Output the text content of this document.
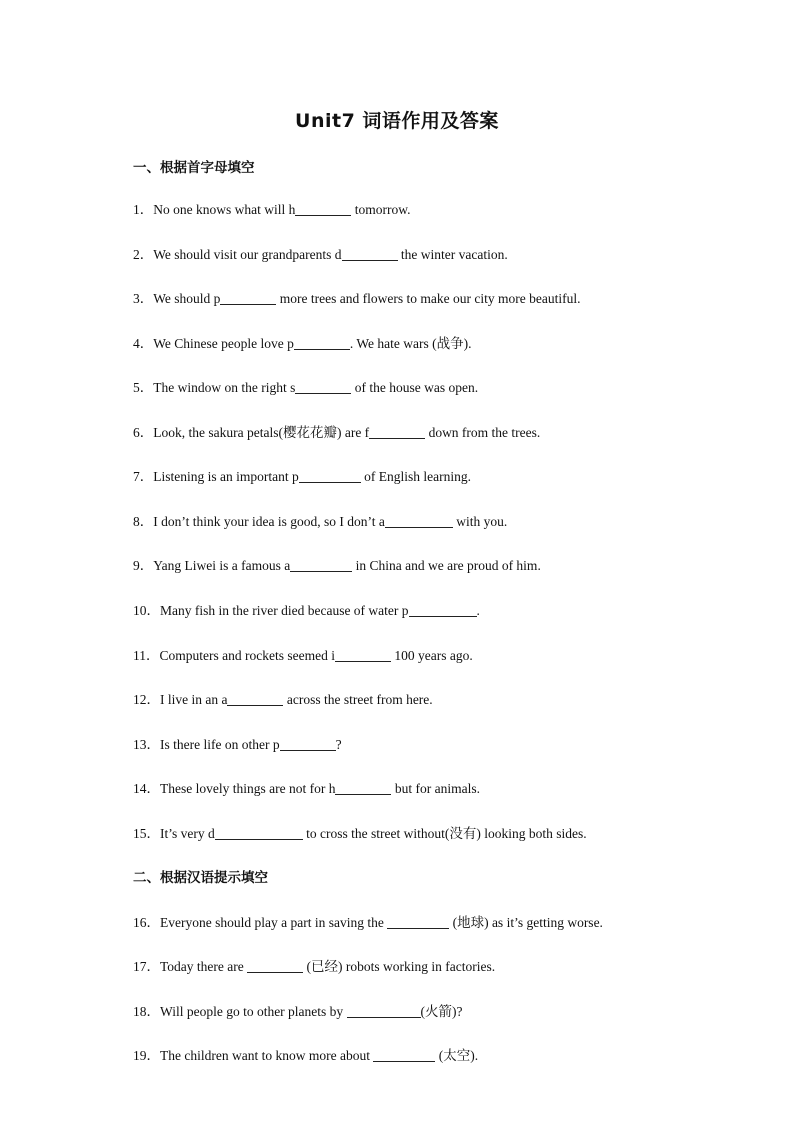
Unit7 词语作用及答案
一、根据首字母填空
1．No one knows what will h	tomorrow.
2．We should visit our grandparents d	the winter vacation.
3．We should p	more trees and flowers to make our city more beautiful.
4．We Chinese people love p	. We hate wars (战争).
5．The window on the right s	of the house was open.
6．Look, the sakura petals(樱花花瓣) are f	down from the trees.
7．Listening is an important p	of English learning.
8．I don’t think your idea is good, so I don’t a	with you.
9．Yang Liwei is a famous a	in China and we are proud of him.
10．Many fish in the river died because of water p	.
11．Computers and rockets seemed i	100 years ago.
12．I live in an a	across the street from here.
13．Is there life on other p	?
14．These lovely things are not for h	but for animals.
15．It’s very d	to cross the street without(没有) looking both sides.
二、根据汉语提示填空
16．Everyone should play a part in saving the	(地球) as it’s getting worse.
17．Today there are	(已经) robots working in factories.
18．Will people go to other planets by	(火箭)?
19．The children want to know more about	(太空).
